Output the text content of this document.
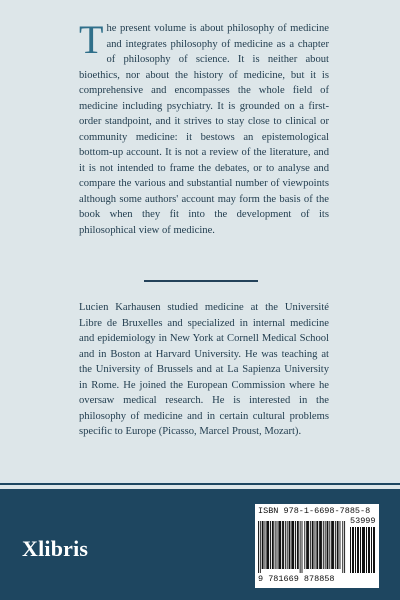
The present volume is about philosophy of medicine and integrates philosophy of medicine as a chapter of philosophy of science. It is neither about bioethics, nor about the history of medicine, but it is comprehensive and encompasses the whole field of medicine including psychiatry. It is grounded on a first-order standpoint, and it strives to stay close to clinical or community medicine: it bestows an epistemological bottom-up account. It is not a review of the literature, and it is not intended to frame the debates, or to analyse and compare the various and substantial number of viewpoints although some authors' account may form the basis of the book when they fit into the development of its philosophical view of medicine.
Lucien Karhausen studied medicine at the Université Libre de Bruxelles and specialized in internal medicine and epidemiology in New York at Cornell Medical School and in Boston at Harvard University. He was teaching at the University of Brussels and at La Sapienza University in Rome. He joined the European Commission where he oversaw medical research. He is interested in the philosophy of medicine and in certain cultural problems specific to Europe (Picasso, Marcel Proust, Mozart).
Xlibris
ISBN 978-1-6698-7885-8
53999
9 781669 878858
